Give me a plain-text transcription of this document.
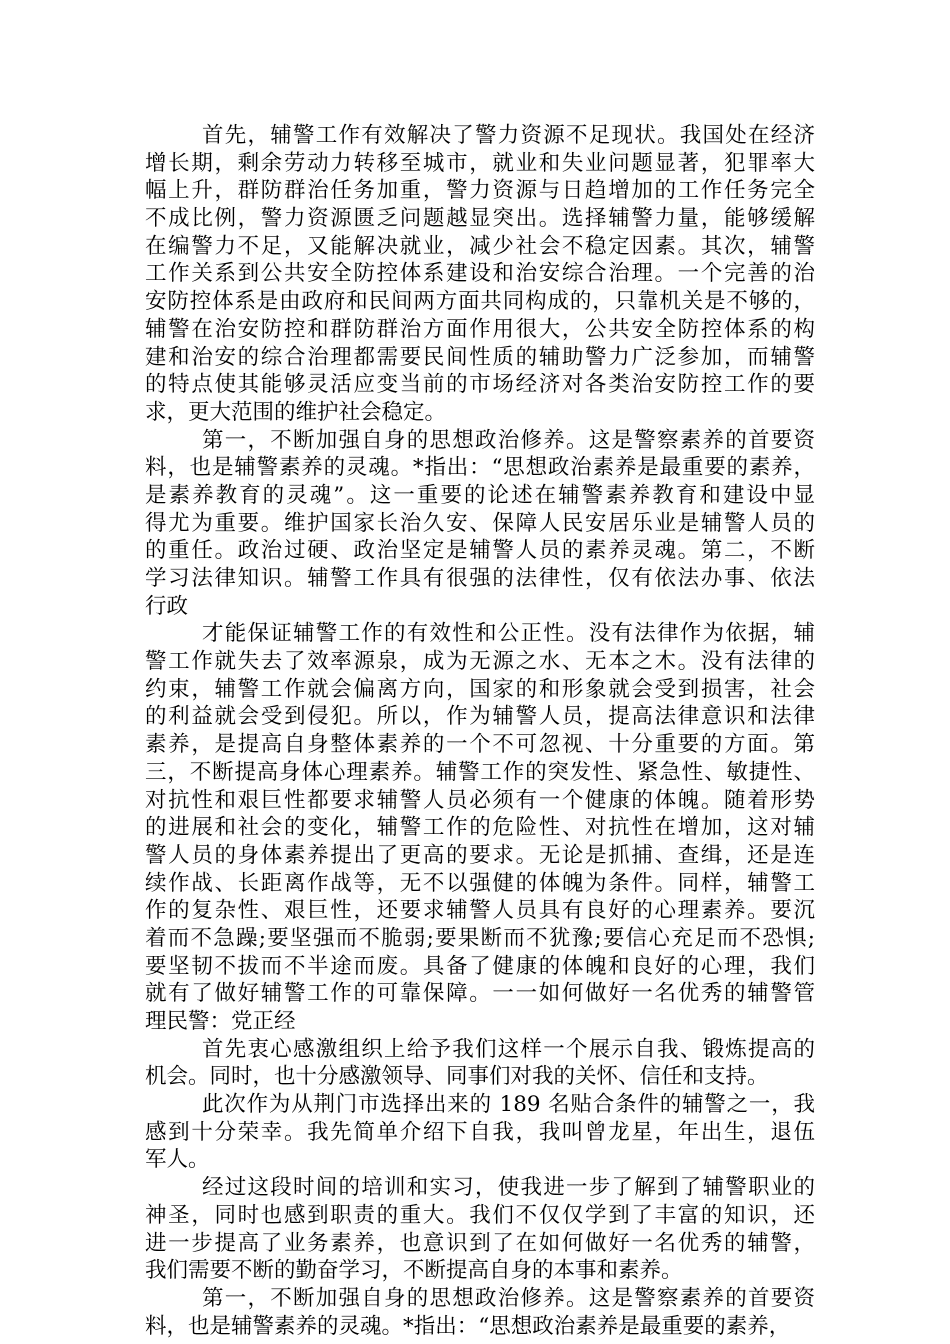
首先，辅警工作有效解决了警力资源不足现状。我国处在经济
增长期，剩余劳动力转移至城市，就业和失业问题显著，犯罪率大
幅上升，群防群治任务加重，警力资源与日趋增加的工作任务完全
不成比例，警力资源匮乏问题越显突出。选择辅警力量，能够缓解
在编警力不足，又能解决就业，减少社会不稳定因素。其次，辅警
工作关系到公共安全防控体系建设和治安综合治理。一个完善的治
安防控体系是由政府和民间两方面共同构成的，只靠机关是不够的，
辅警在治安防控和群防群治方面作用很大，公共安全防控体系的构
建和治安的综合治理都需要民间性质的辅助警力广泛参加，而辅警
的特点使其能够灵活应变当前的市场经济对各类治安防控工作的要
求，更大范围的维护社会稳定。
第一，不断加强自身的思想政治修养。这是警察素养的首要资
料，也是辅警素养的灵魂。*指出：“思想政治素养是最重要的素养，
是素养教育的灵魂”。这一重要的论述在辅警素养教育和建设中显
得尤为重要。维护国家长治久安、保障人民安居乐业是辅警人员的
的重任。政治过硬、政治坚定是辅警人员的素养灵魂。第二，不断
学习法律知识。辅警工作具有很强的法律性，仅有依法办事、依法
行政
才能保证辅警工作的有效性和公正性。没有法律作为依据，辅
警工作就失去了效率源泉，成为无源之水、无本之木。没有法律的
约束，辅警工作就会偏离方向，国家的和形象就会受到损害，社会
的利益就会受到侵犯。所以，作为辅警人员，提高法律意识和法律
素养，是提高自身整体素养的一个不可忽视、十分重要的方面。第
三，不断提高身体心理素养。辅警工作的突发性、紧急性、敏捷性、
对抗性和艰巨性都要求辅警人员必须有一个健康的体魄。随着形势
的进展和社会的变化，辅警工作的危险性、对抗性在增加，这对辅
警人员的身体素养提出了更高的要求。无论是抓捕、查缉，还是连
续作战、长距离作战等，无不以强健的体魄为条件。同样，辅警工
作的复杂性、艰巨性，还要求辅警人员具有良好的心理素养。要沉
着而不急躁;要坚强而不脆弱;要果断而不犹豫;要信心充足而不恐惧;
要坚韧不拔而不半途而废。具备了健康的体魄和良好的心理，我们
就有了做好辅警工作的可靠保障。一一如何做好一名优秀的辅警管
理民警：党正经
首先衷心感激组织上给予我们这样一个展示自我、锻炼提高的
机会。同时，也十分感激领导、同事们对我的关怀、信任和支持。
此次作为从荆门市选择出来的 189 名贴合条件的辅警之一，我
感到十分荣幸。我先简单介绍下自我，我叫曾龙星，年出生，退伍
军人。
经过这段时间的培训和实习，使我进一步了解到了辅警职业的
神圣，同时也感到职责的重大。我们不仅仅学到了丰富的知识，还
进一步提高了业务素养，也意识到了在如何做好一名优秀的辅警，
我们需要不断的勤奋学习，不断提高自身的本事和素养。
第一，不断加强自身的思想政治修养。这是警察素养的首要资
料，也是辅警素养的灵魂。*指出：“思想政治素养是最重要的素养，
